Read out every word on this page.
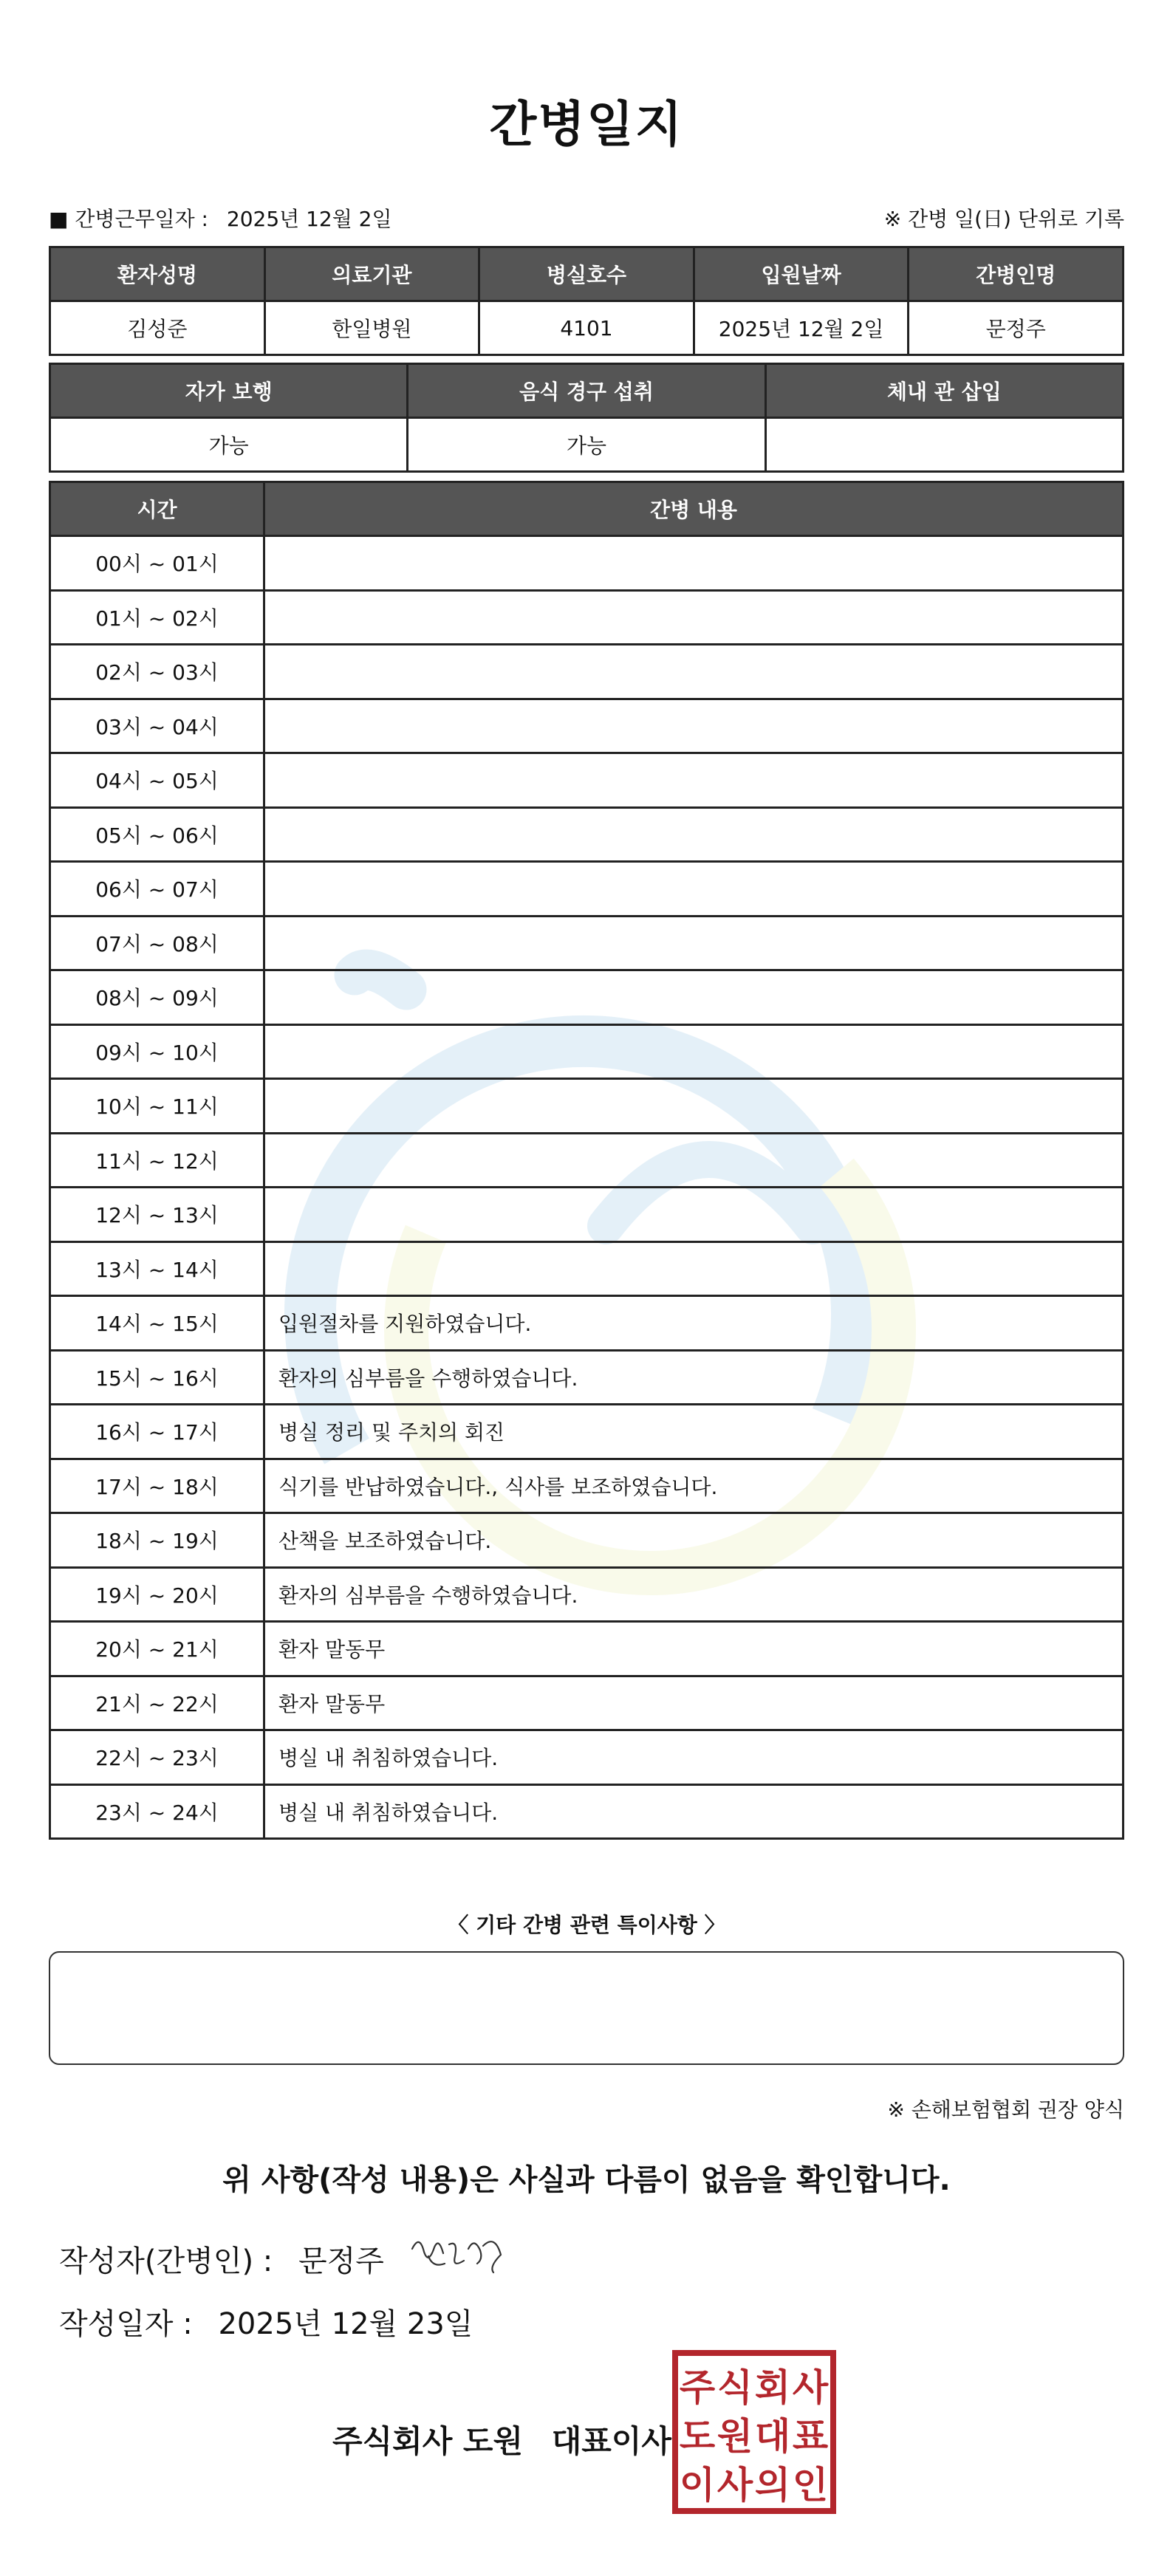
간병일지
■ 간병근무일자 : 2025년 12월 2일	※ 간병 일(日) 단위로 기록
환자성명	의료기관	병실호수	입원날짜	간병인명
김성준	한일병원	4101	2025년 12월 2일	문정주
자가 보행	음식 경구 섭취	체내 관 삽입
가능	가능	
시간	간병 내용
00시 ~ 01시	
01시 ~ 02시	
02시 ~ 03시	
03시 ~ 04시	
04시 ~ 05시	
05시 ~ 06시	
06시 ~ 07시	
07시 ~ 08시	
08시 ~ 09시	
09시 ~ 10시	
10시 ~ 11시	
11시 ~ 12시	
12시 ~ 13시	
13시 ~ 14시	
14시 ~ 15시	입원절차를 지원하였습니다.
15시 ~ 16시	환자의 심부름을 수행하였습니다.
16시 ~ 17시	병실 정리 및 주치의 회진
17시 ~ 18시	식기를 반납하였습니다., 식사를 보조하였습니다.
18시 ~ 19시	산책을 보조하였습니다.
19시 ~ 20시	환자의 심부름을 수행하였습니다.
20시 ~ 21시	환자 말동무
21시 ~ 22시	환자 말동무
22시 ~ 23시	병실 내 취침하였습니다.
23시 ~ 24시	병실 내 취침하였습니다.
〈 기타 간병 관련 특이사항 〉
※ 손해보험협회 권장 양식
위 사항(작성 내용)은 사실과 다름이 없음을 확인합니다.
작성자(간병인) : 문정주
작성일자 : 2025년 12월 23일
주식회사 도원 대표이사
주 식 회 사
도 원 대 표
이 사 의 인
